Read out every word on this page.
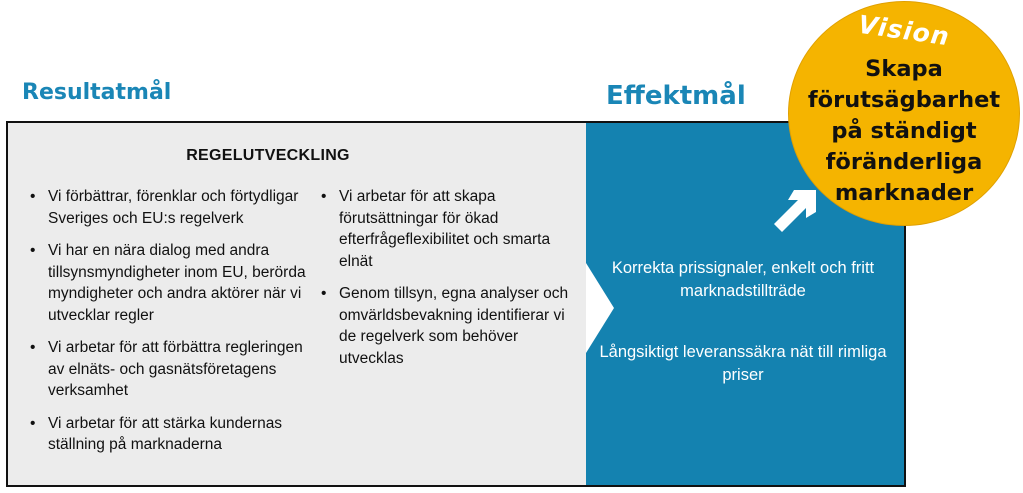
Resultatmål	Effektmål
REGELUTVECKLING
• Vi förbättrar, förenklar och förtydligar Sveriges och EU:s regelverk
• Vi har en nära dialog med andra tillsynsmyndigheter inom EU, berörda myndigheter och andra aktörer när vi utvecklar regler
• Vi arbetar för att förbättra regleringen av elnäts- och gasnätsföretagens verksamhet
• Vi arbetar för att stärka kundernas ställning på marknaderna
• Vi arbetar för att skapa förutsättningar för ökad efterfrågeflexibilitet och smarta elnät
• Genom tillsyn, egna analyser och omvärldsbevakning identifierar vi de regelverk som behöver utvecklas
Korrekta prissignaler, enkelt och fritt marknadstillträde
Långsiktigt leveranssäkra nät till rimliga priser
Vision
Skapa förutsägbarhet på ständigt föränderliga marknader
